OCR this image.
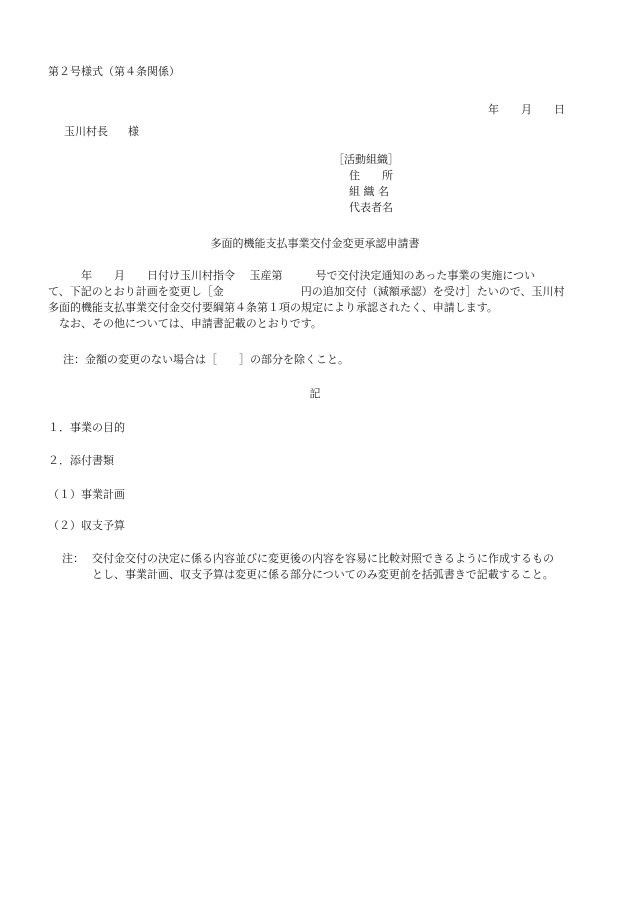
第２号様式（第４条関係）
年 月 日
玉川村長 様
［活動組織］
住　　所
組 織 名
代表者名
多面的機能支払事業交付金変更承認申請書
　　　年　　月　　日付け玉川村指令　 玉産第　　　号で交付決定通知のあった事業の実施につい
て、下記のとおり計画を変更し［金　　　　　　　円の追加交付（減額承認）を受け］たいので、玉川村
多面的機能支払事業交付金交付要綱第４条第１項の規定により承認されたく、申請します。
　なお、その他については、申請書記載のとおりです。
注：金額の変更のない場合は［　　］の部分を除くこと。
記
１．事業の目的
２．添付書類
（１）事業計画
（２）収支予算
注： 交付金交付の決定に係る内容並びに変更後の内容を容易に比較対照できるように作成するもの
とし、事業計画、収支予算は変更に係る部分についてのみ変更前を括弧書きで記載すること。
